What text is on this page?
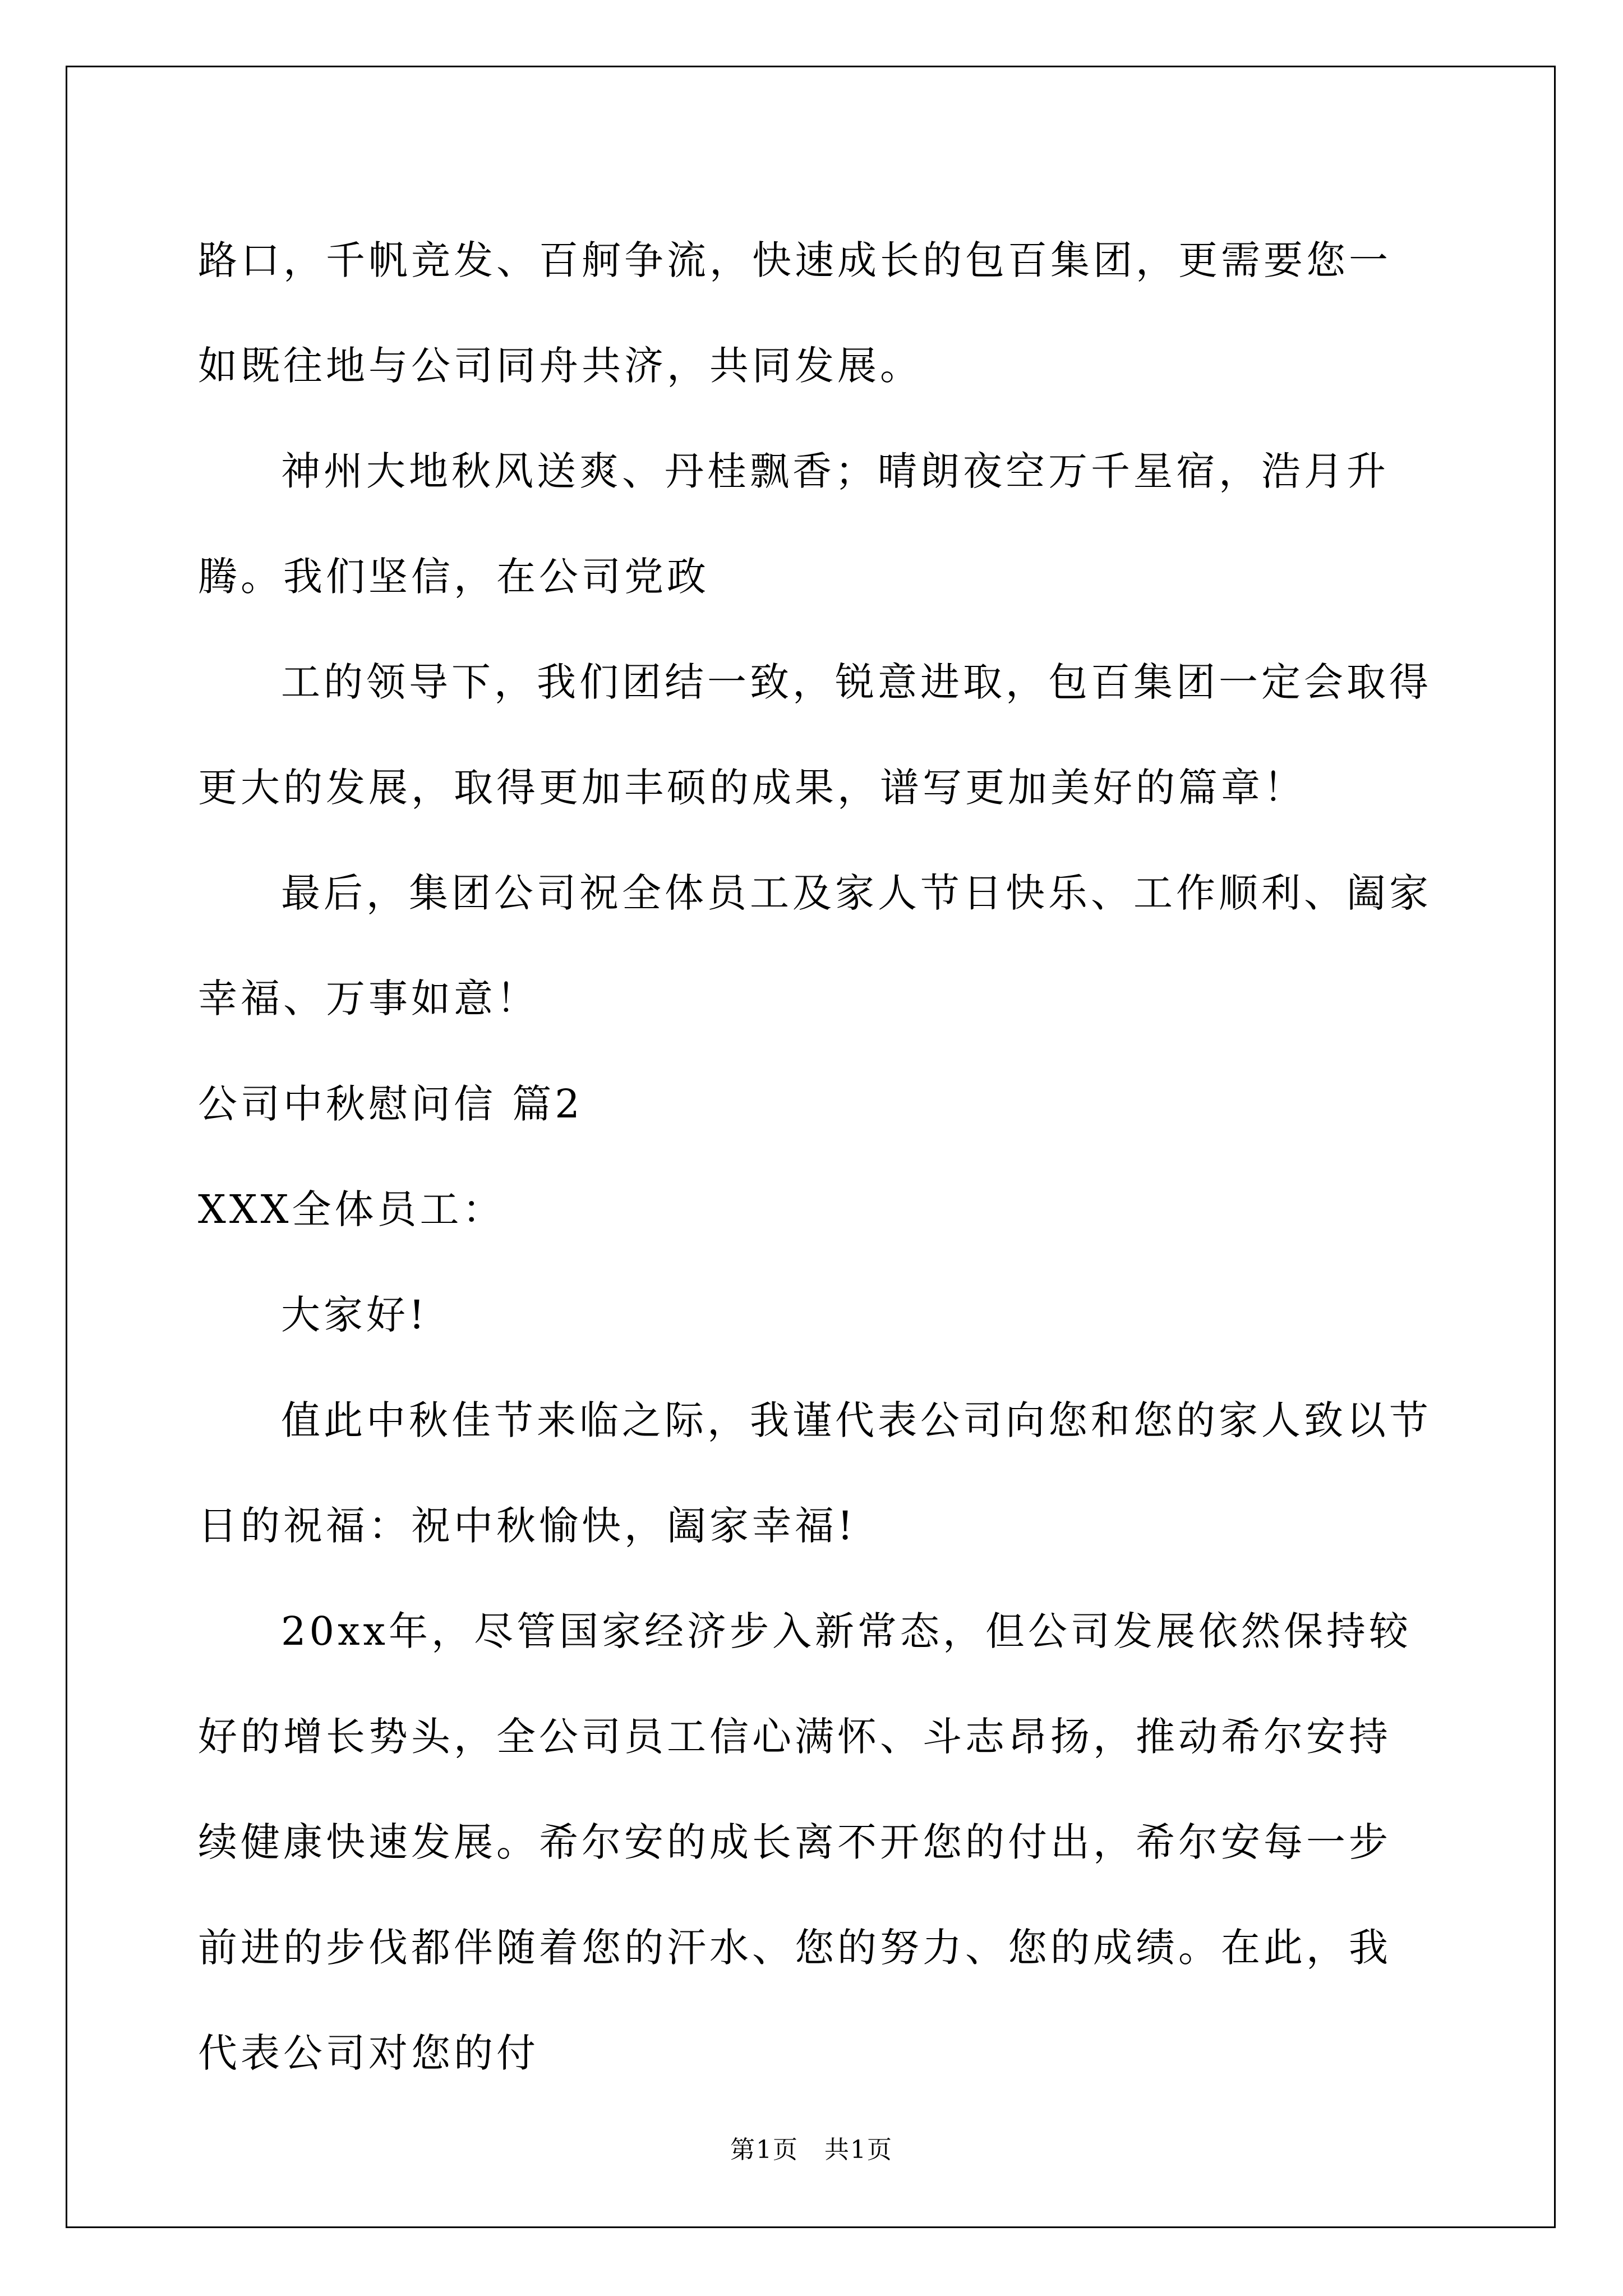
路口，千帆竞发、百舸争流，快速成长的包百集团，更需要您一如既往地与公司同舟共济，共同发展。

神州大地秋风送爽、丹桂飘香；晴朗夜空万千星宿，浩月升腾。我们坚信，在公司党政

工的领导下，我们团结一致，锐意进取，包百集团一定会取得更大的发展，取得更加丰硕的成果，谱写更加美好的篇章！

最后，集团公司祝全体员工及家人节日快乐、工作顺利、阖家幸福、万事如意！

公司中秋慰问信 篇2

XXX全体员工：

大家好!

值此中秋佳节来临之际，我谨代表公司向您和您的家人致以节日的祝福：祝中秋愉快，阖家幸福!

20xx年，尽管国家经济步入新常态，但公司发展依然保持较好的增长势头，全公司员工信心满怀、斗志昂扬，推动希尔安持续健康快速发展。希尔安的成长离不开您的付出，希尔安每一步前进的步伐都伴随着您的汗水、您的努力、您的成绩。在此，我代表公司对您的付

第1页　共1页
